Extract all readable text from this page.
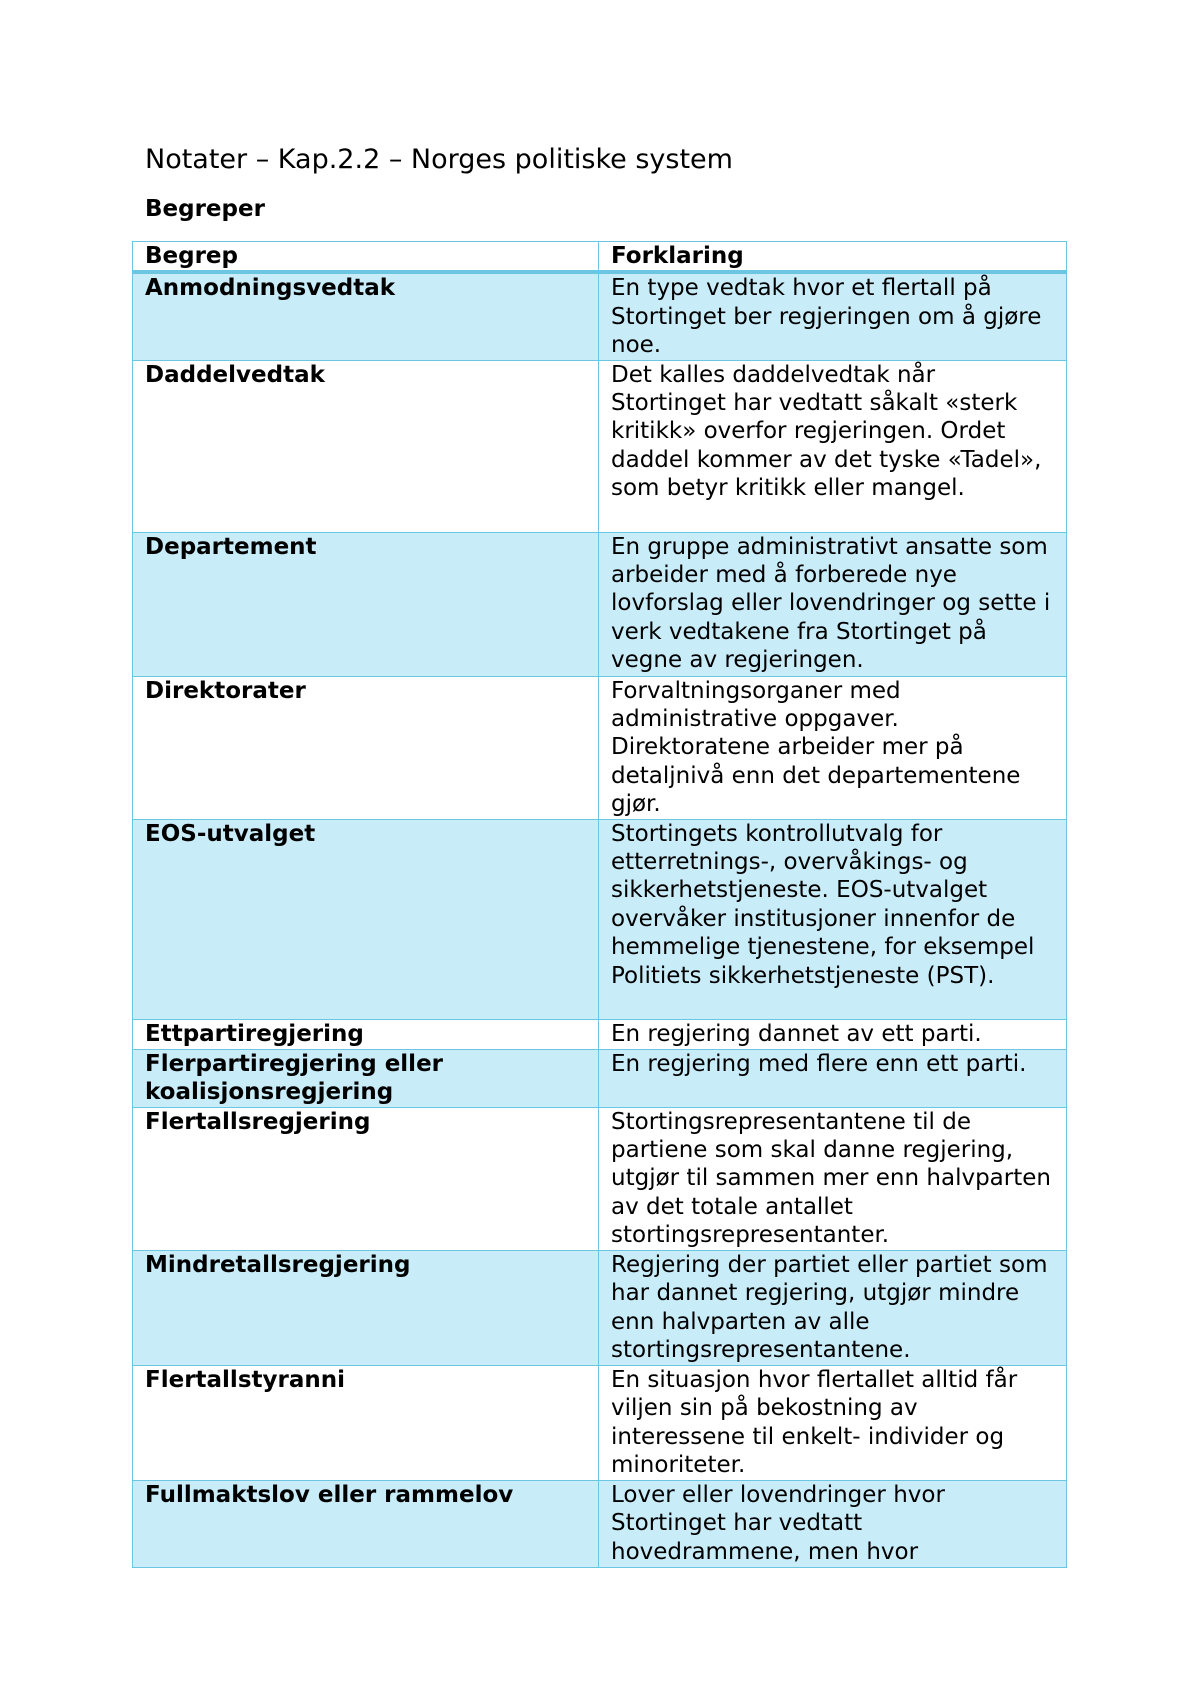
Notater – Kap.2.2 – Norges politiske system
Begreper
Begrep	Forklaring
Anmodningsvedtak	En type vedtak hvor et flertall på Stortinget ber regjeringen om å gjøre noe.
Daddelvedtak	Det kalles daddelvedtak når Stortinget har vedtatt såkalt «sterk kritikk» overfor regjeringen. Ordet daddel kommer av det tyske «Tadel», som betyr kritikk eller mangel.
Departement	En gruppe administrativt ansatte som arbeider med å forberede nye lovforslag eller lovendringer og sette i verk vedtakene fra Stortinget på vegne av regjeringen.
Direktorater	Forvaltningsorganer med administrative oppgaver. Direktoratene arbeider mer på detaljnivå enn det departementene gjør.
EOS-utvalget	Stortingets kontrollutvalg for etterretnings-, overvåkings- og sikkerhetstjeneste. EOS-utvalget overvåker institusjoner innenfor de hemmelige tjenestene, for eksempel Politiets sikkerhetstjeneste (PST).
Ettpartiregjering	En regjering dannet av ett parti.
Flerpartiregjering eller koalisjonsregjering	En regjering med flere enn ett parti.
Flertallsregjering	Stortingsrepresentantene til de partiene som skal danne regjering, utgjør til sammen mer enn halvparten av det totale antallet stortingsrepresentanter.
Mindretallsregjering	Regjering der partiet eller partiet som har dannet regjering, utgjør mindre enn halvparten av alle stortingsrepresentantene.
Flertallstyranni	En situasjon hvor flertallet alltid får viljen sin på bekostning av interessene til enkelt- individer og minoriteter.
Fullmaktslov eller rammelov	Lover eller lovendringer hvor Stortinget har vedtatt hovedrammene, men hvor
